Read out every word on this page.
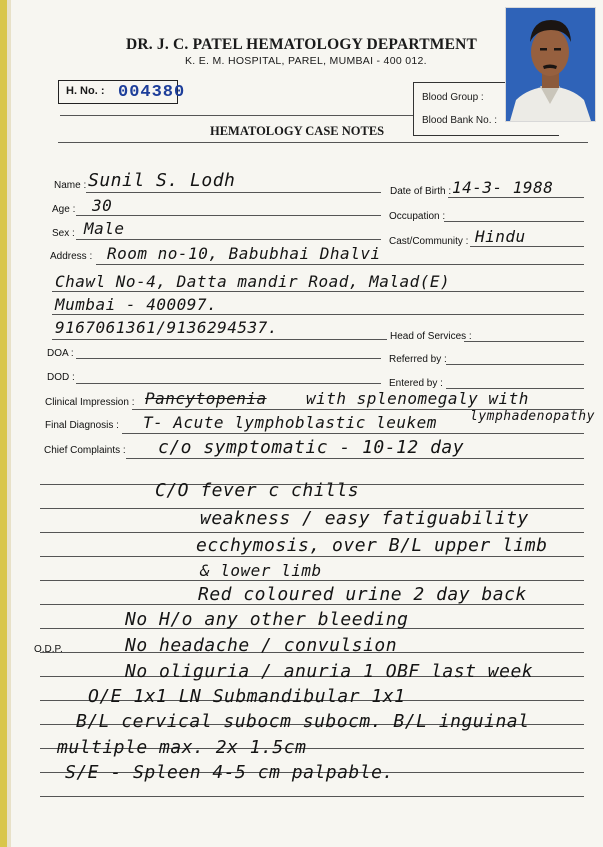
DR. J. C. PATEL HEMATOLOGY DEPARTMENT
K. E. M. HOSPITAL, PAREL, MUMBAI - 400 012.
H. No. : 004380	Blood Group :
Blood Bank No. :
HEMATOLOGY CASE NOTES
Name : Sunil S. Lodh
Date of Birth : 14-3- 1988
Age : 30
Occupation :
Sex : Male
Cast/Community : Hindu
Address : Room no-10, Babubhai Dhalvi
Chawl No-4, Datta mandir Road, Malad(E)
Mumbai - 400097.
9167061361/9136294537.	Head of Services :
DOA :
Referred by :
DOD :
Entered by :
Clinical Impression : Pancytopenia with splenomegaly with
lymphadenopathy
Final Diagnosis : T- Acute lymphoblastic leukem
Chief Complaints : c/o symptomatic - 10-12 day
O.D.P.
C/O fever c chills
weakness / easy fatiguability
ecchymosis, over B/L upper limb
& lower limb
Red coloured urine 2 day back
No H/o any other bleeding
No headache / convulsion
No oliguria / anuria 1 OBF last week
O/E 1x1 LN Submandibular 1x1
B/L cervical subocm subocm. B/L inguinal
multiple max. 2x 1.5cm
S/E - Spleen 4-5 cm palpable.
